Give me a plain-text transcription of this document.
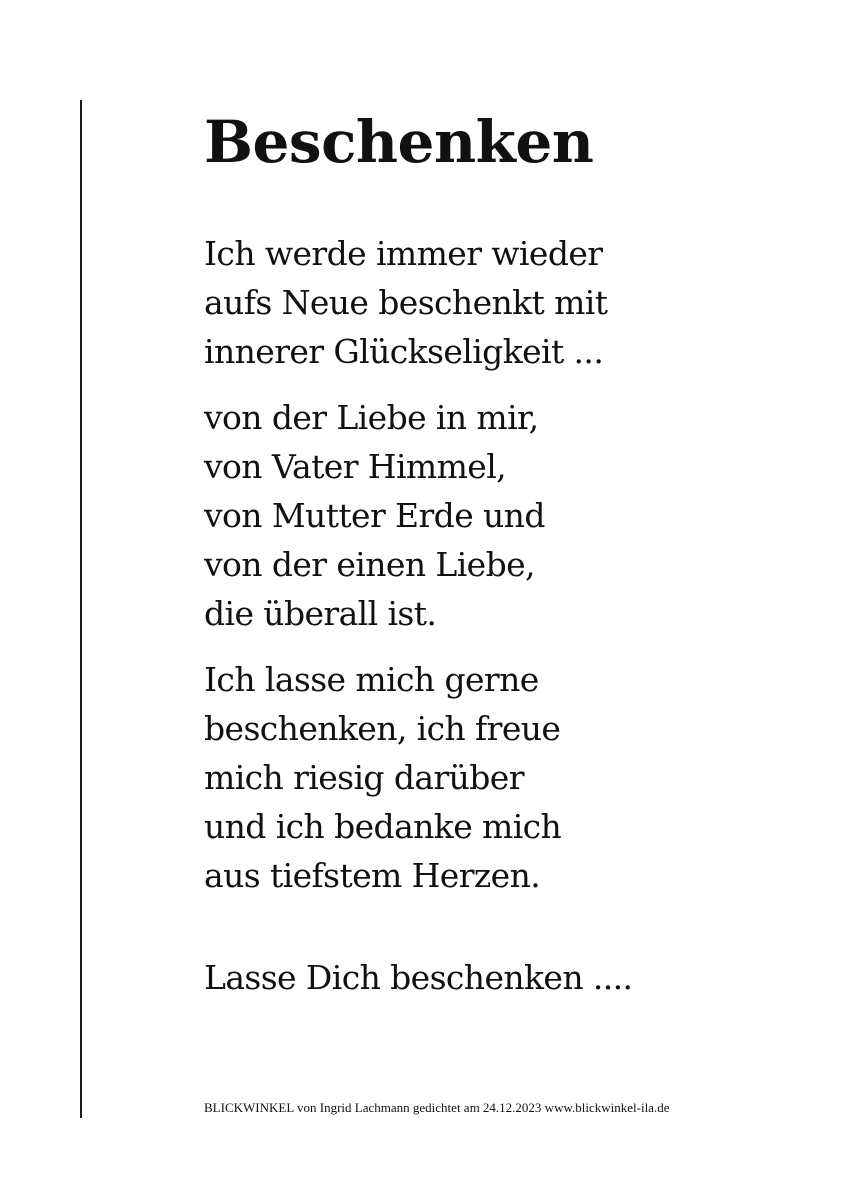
Beschenken

Ich werde immer wieder
aufs Neue beschenkt mit
innerer Glückseligkeit ...

von der Liebe in mir,
von Vater Himmel,
von Mutter Erde und
von der einen Liebe,
die überall ist.

Ich lasse mich gerne
beschenken, ich freue
mich riesig darüber
und ich bedanke mich
aus tiefstem Herzen.

Lasse Dich beschenken ....

BLICKWINKEL von Ingrid Lachmann gedichtet am 24.12.2023 www.blickwinkel-ila.de
